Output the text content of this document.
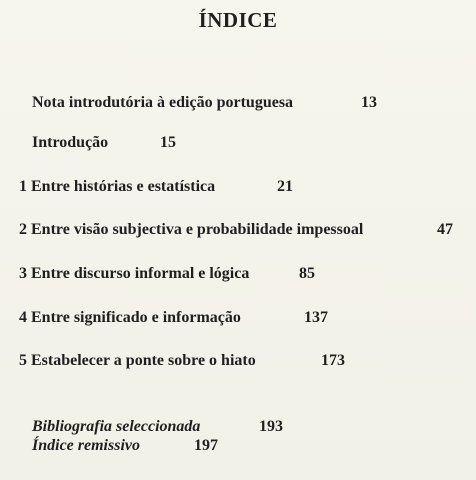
ÍNDICE
Nota introdutória à edição portuguesa	13
Introdução	15
1 Entre histórias e estatística	21
2 Entre visão subjectiva e probabilidade impessoal	47
3 Entre discurso informal e lógica	85
4 Entre significado e informação	137
5 Estabelecer a ponte sobre o hiato	173
Bibliografia seleccionada	193
Índice remissivo	197
